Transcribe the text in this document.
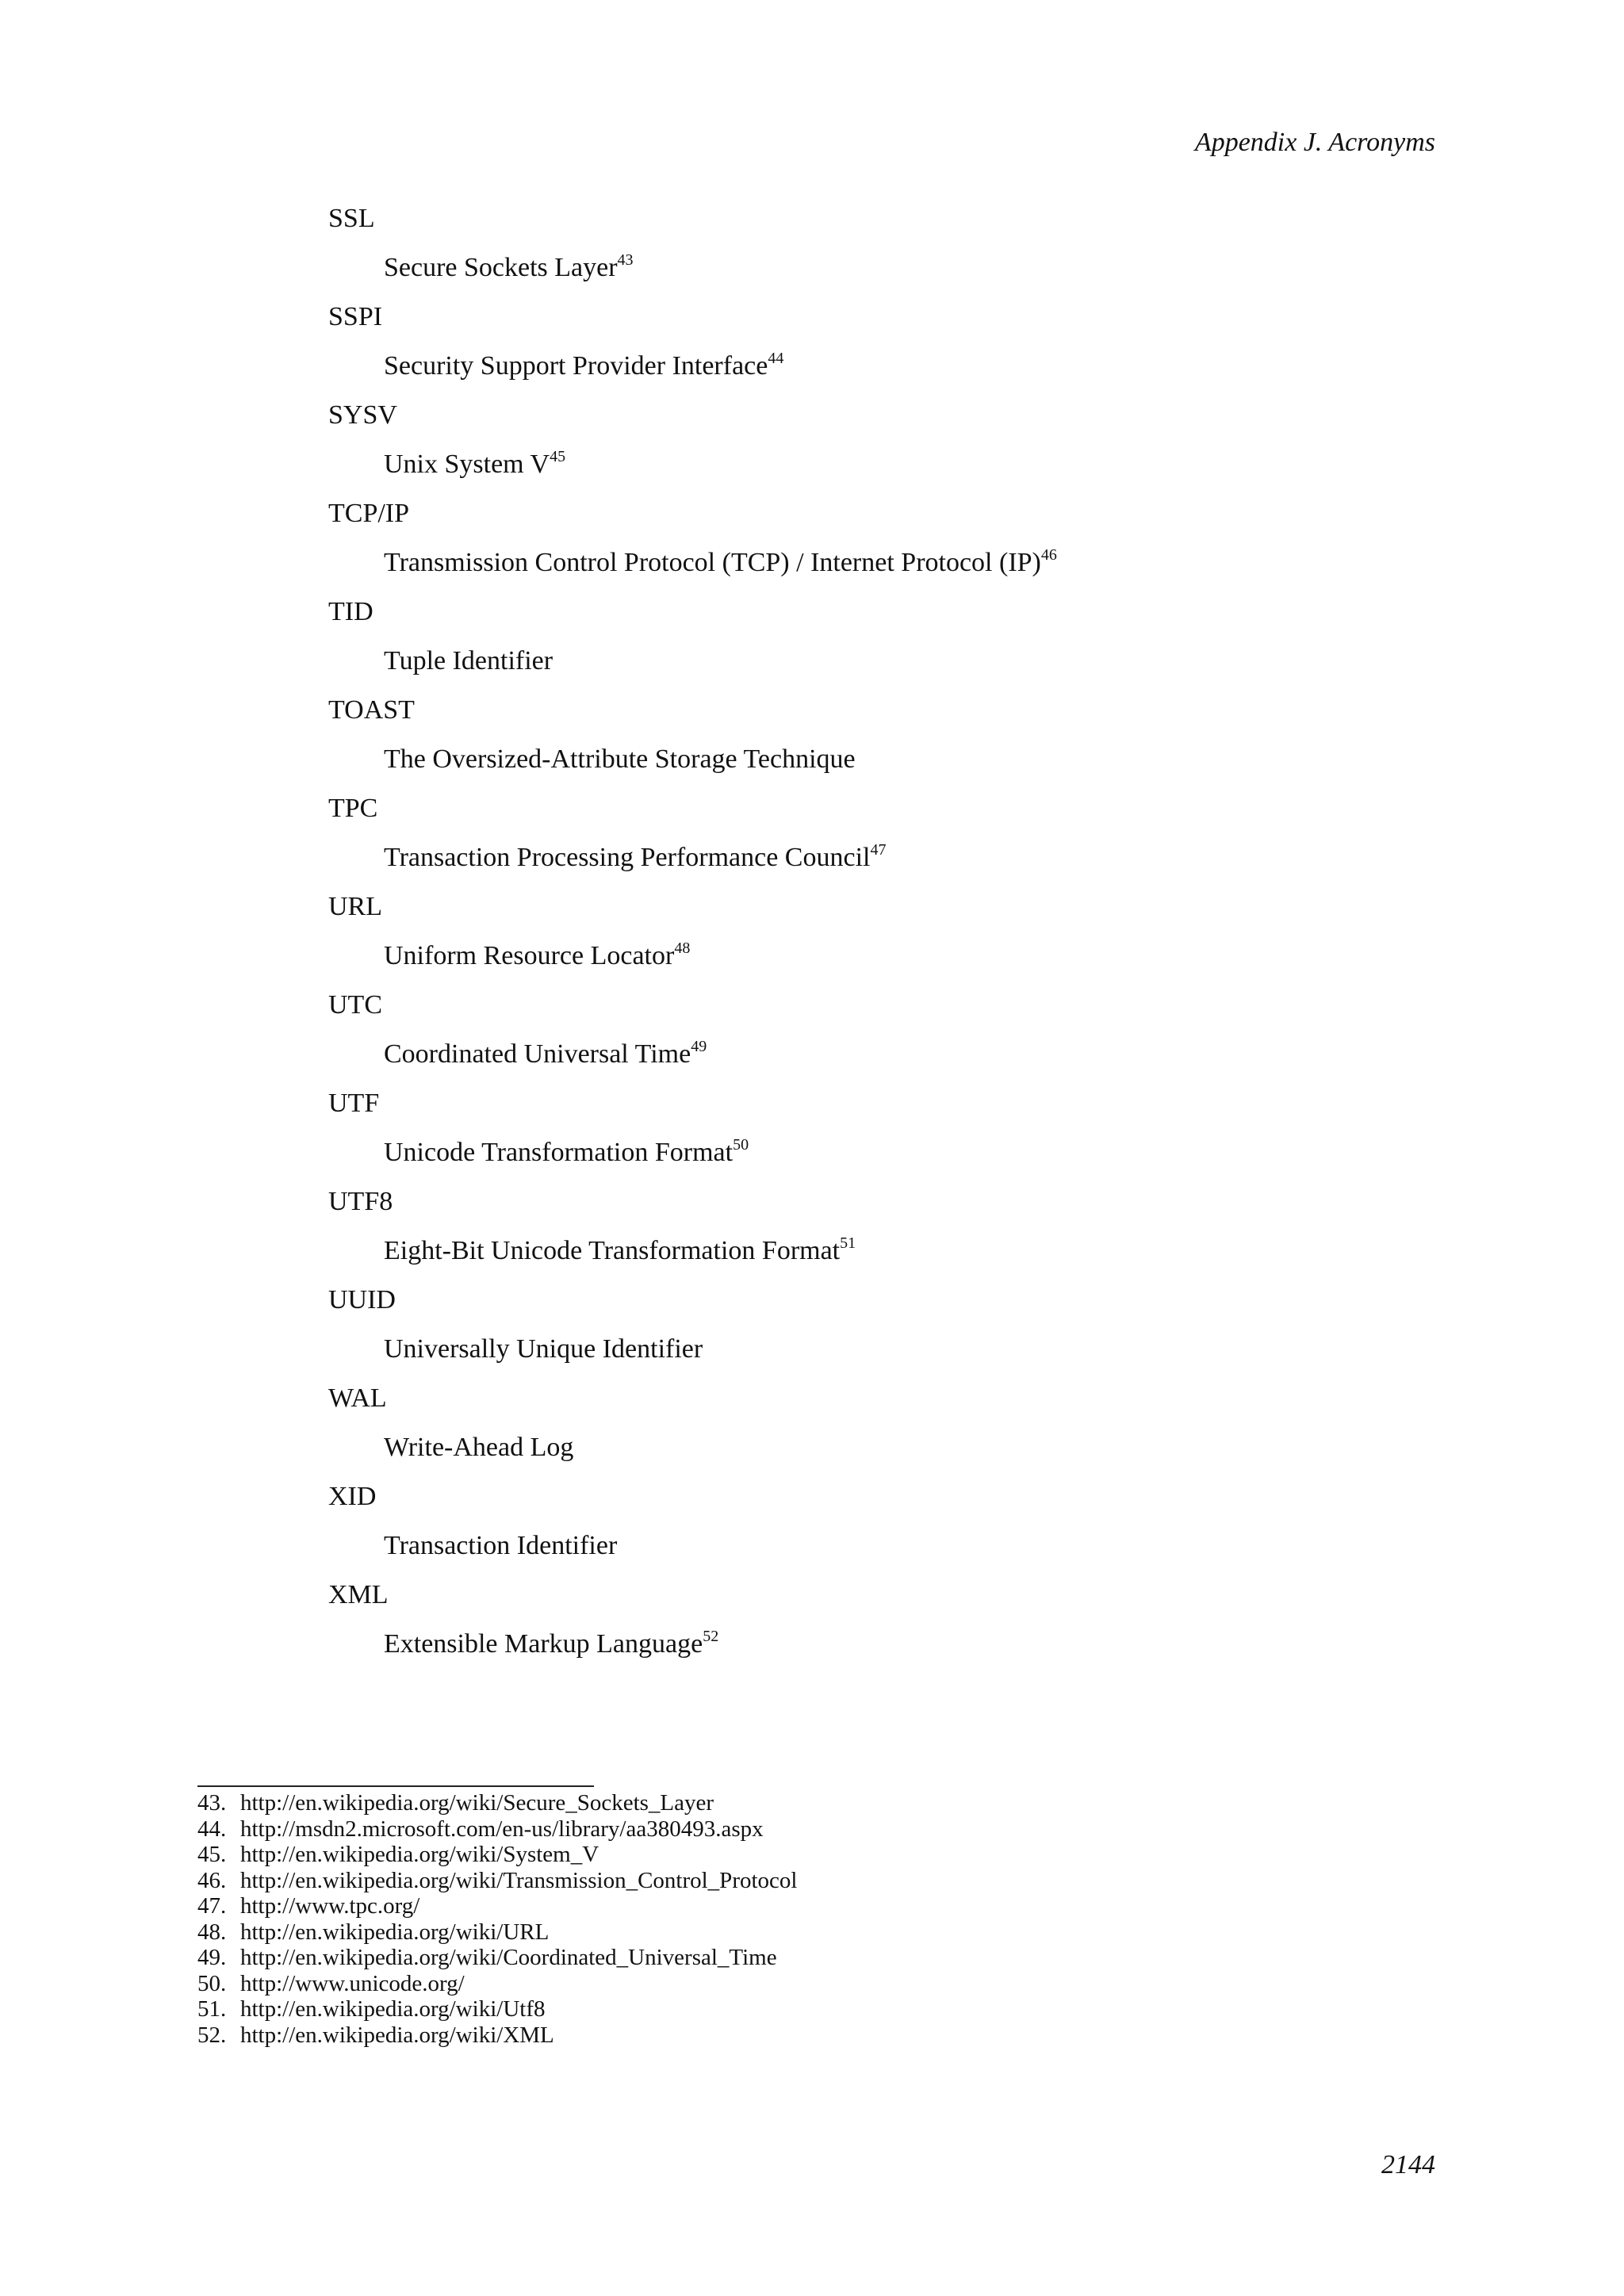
Appendix J. Acronyms
SSL
Secure Sockets Layer$^{43}$
SSPI
Security Support Provider Interface$^{44}$
SYSV
Unix System $V^{45}$
TCP/IP
Transmission Control Protocol (TCP) / Internet Protocol (IP)$^{46}$
TID
Tuple Identifier
TOAST
The Oversized-Attribute Storage Technique
TPC
Transaction Processing Performance Council$^{47}$
URL
Uniform Resource Locator$^{48}$
UTC
Coordinated Universal Time$^{49}$
UTF
Unicode Transformation Format$^{50}$
UTF8
Eight-Bit Unicode Transformation Format$^{51}$
UUID
Universally Unique Identifier
WAL
Write-Ahead Log
XID
Transaction Identifier
XML
Extensible Markup Language$^{52}$
43. http://en.wikipedia.org/wiki/Secure_Sockets_Layer
44. http://msdn2.microsoft.com/en-us/library/aa380493.aspx
45. http://en.wikipedia.org/wiki/System_V
46. http://en.wikipedia.org/wiki/Transmission_Control_Protocol
47. http://www.tpc.org/
48. http://en.wikipedia.org/wiki/URL
49. http://en.wikipedia.org/wiki/Coordinated_Universal_Time
50. http://www.unicode.org/
51. http://en.wikipedia.org/wiki/Utf8
52. http://en.wikipedia.org/wiki/XML
2144
